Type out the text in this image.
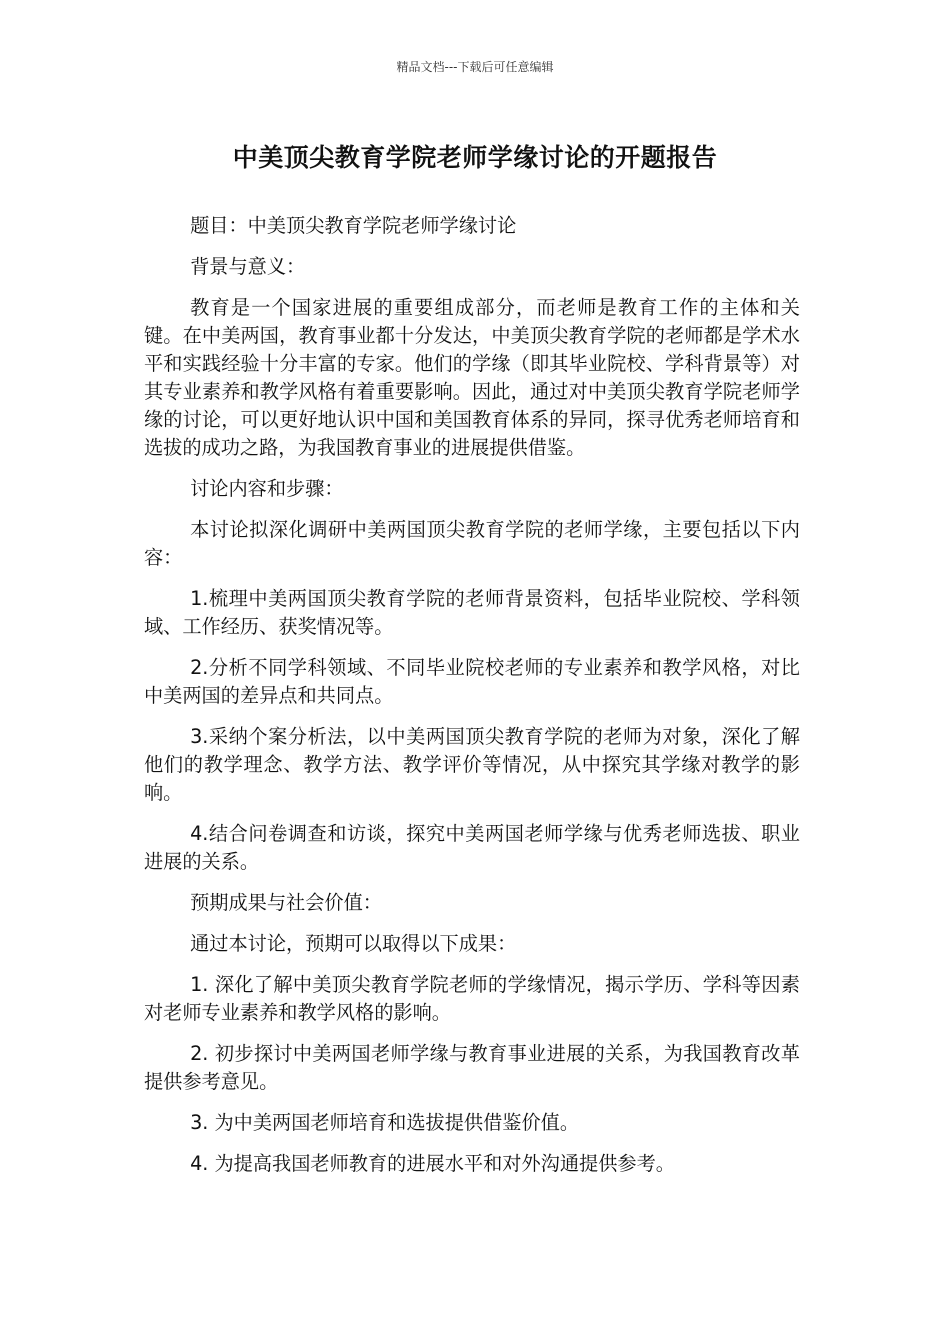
精品文档---下载后可任意编辑
中美顶尖教育学院老师学缘讨论的开题报告

题目：中美顶尖教育学院老师学缘讨论

背景与意义：

教育是一个国家进展的重要组成部分，而老师是教育工作的主体和关键。在中美两国，教育事业都十分发达，中美顶尖教育学院的老师都是学术水平和实践经验十分丰富的专家。他们的学缘（即其毕业院校、学科背景等）对其专业素养和教学风格有着重要影响。因此，通过对中美顶尖教育学院老师学缘的讨论，可以更好地认识中国和美国教育体系的异同，探寻优秀老师培育和选拔的成功之路，为我国教育事业的进展提供借鉴。

讨论内容和步骤：

本讨论拟深化调研中美两国顶尖教育学院的老师学缘，主要包括以下内容：

1.梳理中美两国顶尖教育学院的老师背景资料，包括毕业院校、学科领域、工作经历、获奖情况等。

2.分析不同学科领域、不同毕业院校老师的专业素养和教学风格，对比中美两国的差异点和共同点。

3.采纳个案分析法，以中美两国顶尖教育学院的老师为对象，深化了解他们的教学理念、教学方法、教学评价等情况，从中探究其学缘对教学的影响。

4.结合问卷调查和访谈，探究中美两国老师学缘与优秀老师选拔、职业进展的关系。

预期成果与社会价值：

通过本讨论，预期可以取得以下成果：

1. 深化了解中美顶尖教育学院老师的学缘情况，揭示学历、学科等因素对老师专业素养和教学风格的影响。

2. 初步探讨中美两国老师学缘与教育事业进展的关系，为我国教育改革提供参考意见。

3. 为中美两国老师培育和选拔提供借鉴价值。

4. 为提高我国老师教育的进展水平和对外沟通提供参考。
